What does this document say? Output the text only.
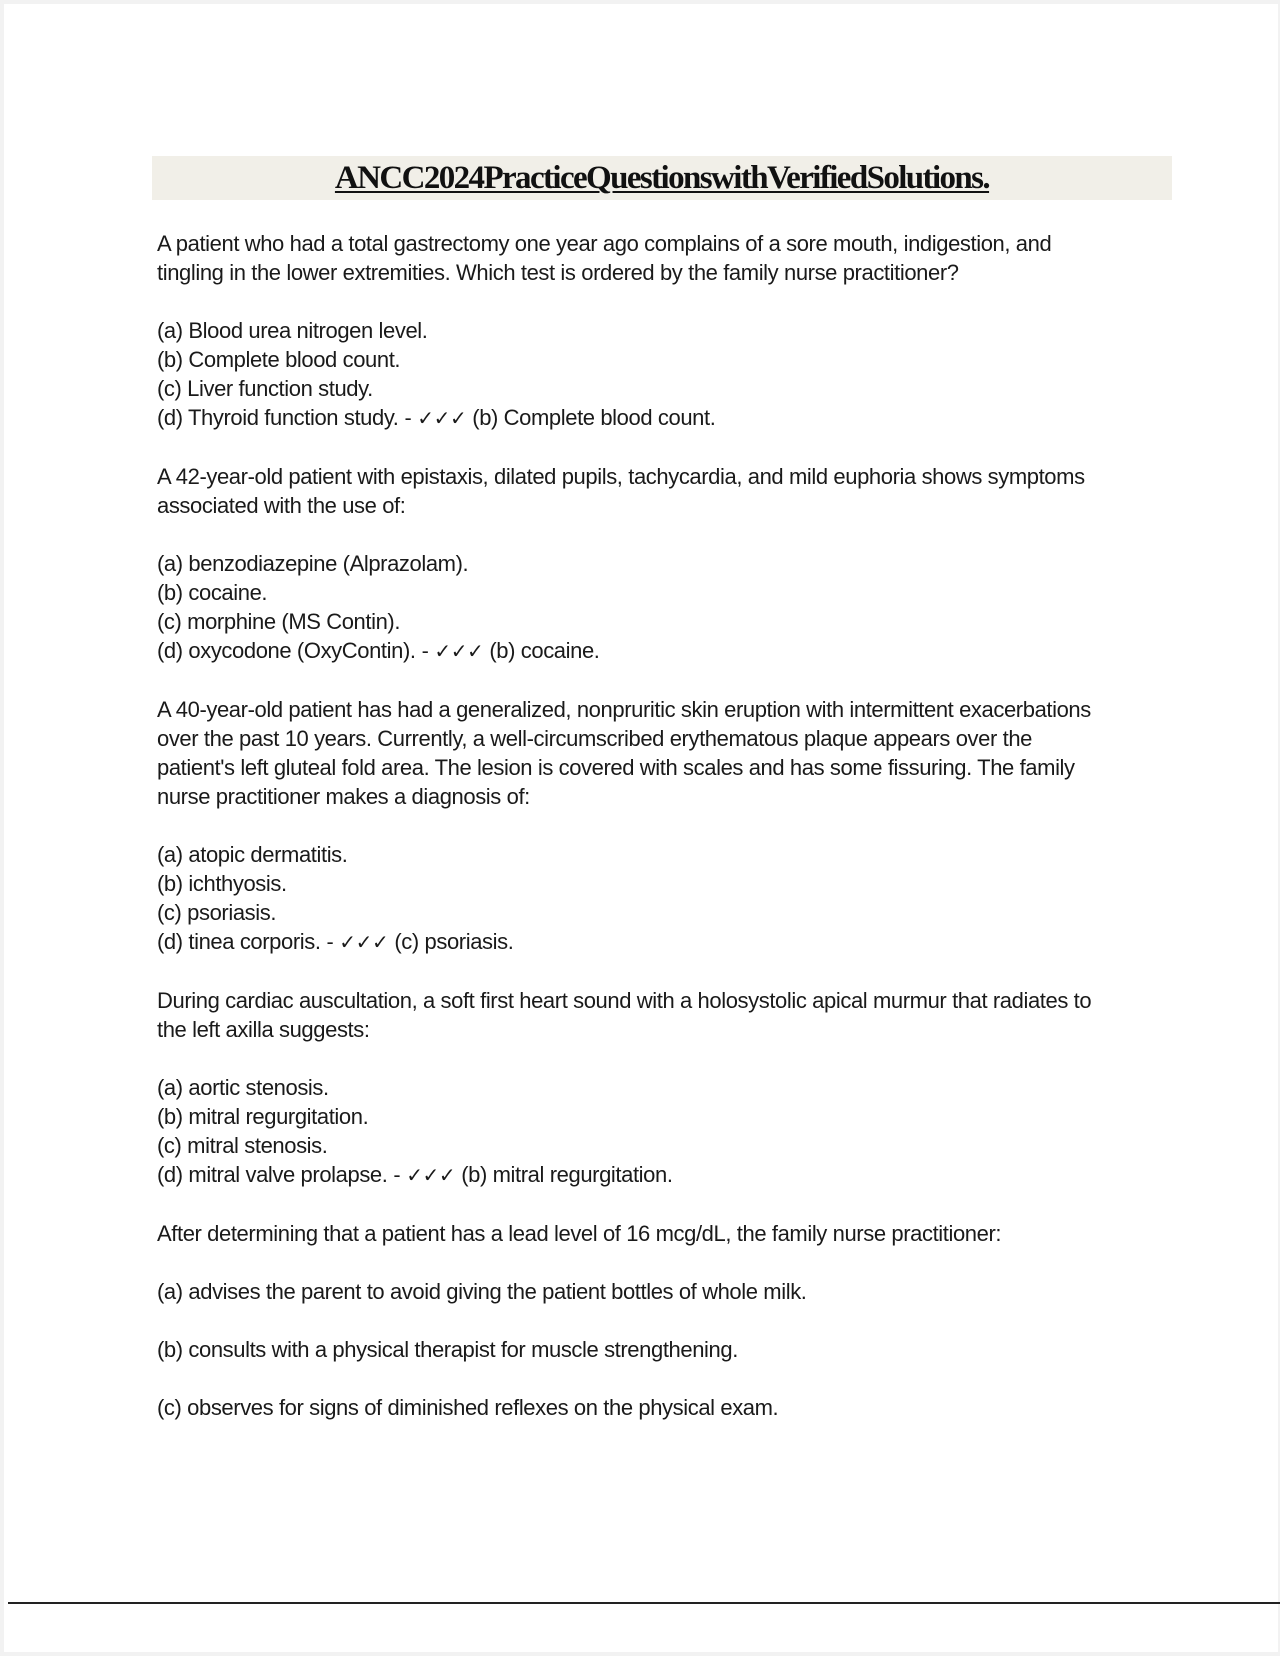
ANCC2024PracticeQuestionswithVerifiedSolutions.

A patient who had a total gastrectomy one year ago complains of a sore mouth, indigestion, and tingling in the lower extremities. Which test is ordered by the family nurse practitioner?

(a) Blood urea nitrogen level.
(b) Complete blood count.
(c) Liver function study.
(d) Thyroid function study. - ✓✓✓ (b) Complete blood count.

A 42-year-old patient with epistaxis, dilated pupils, tachycardia, and mild euphoria shows symptoms associated with the use of:

(a) benzodiazepine (Alprazolam).
(b) cocaine.
(c) morphine (MS Contin).
(d) oxycodone (OxyContin). - ✓✓✓ (b) cocaine.

A 40-year-old patient has had a generalized, nonpruritic skin eruption with intermittent exacerbations over the past 10 years. Currently, a well-circumscribed erythematous plaque appears over the patient's left gluteal fold area. The lesion is covered with scales and has some fissuring. The family nurse practitioner makes a diagnosis of:

(a) atopic dermatitis.
(b) ichthyosis.
(c) psoriasis.
(d) tinea corporis. - ✓✓✓ (c) psoriasis.

During cardiac auscultation, a soft first heart sound with a holosystolic apical murmur that radiates to the left axilla suggests:

(a) aortic stenosis.
(b) mitral regurgitation.
(c) mitral stenosis.
(d) mitral valve prolapse. - ✓✓✓ (b) mitral regurgitation.

After determining that a patient has a lead level of 16 mcg/dL, the family nurse practitioner:

(a) advises the parent to avoid giving the patient bottles of whole milk.
(b) consults with a physical therapist for muscle strengthening.
(c) observes for signs of diminished reflexes on the physical exam.
